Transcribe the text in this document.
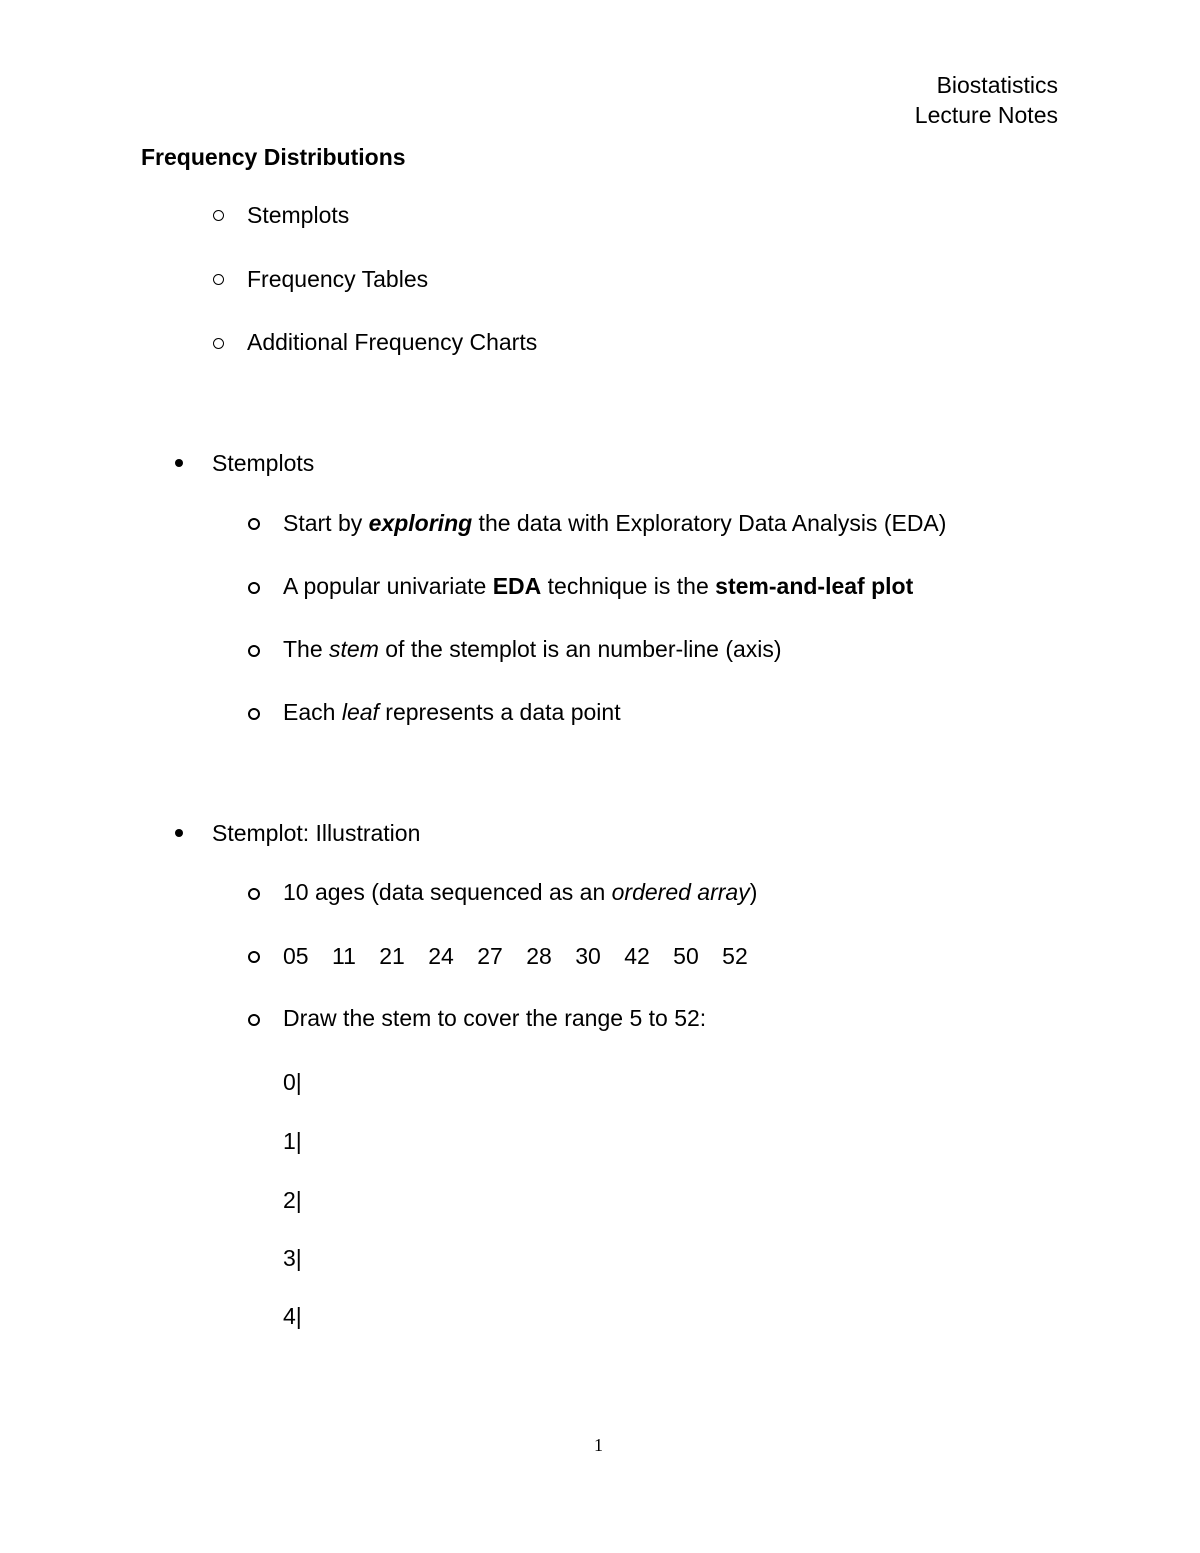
Biostatistics
Lecture Notes
Frequency Distributions
Stemplots
Frequency Tables
Additional Frequency Charts
Stemplots
Start by exploring the data with Exploratory Data Analysis (EDA)
A popular univariate EDA technique is the stem-and-leaf plot
The stem of the stemplot is an number-line (axis)
Each leaf represents a data point
Stemplot: Illustration
10 ages (data sequenced as an ordered array)
05 11 21 24 27 28 30 42 50 52
Draw the stem to cover the range 5 to 52:
0|
1|
2|
3|
4|
1
